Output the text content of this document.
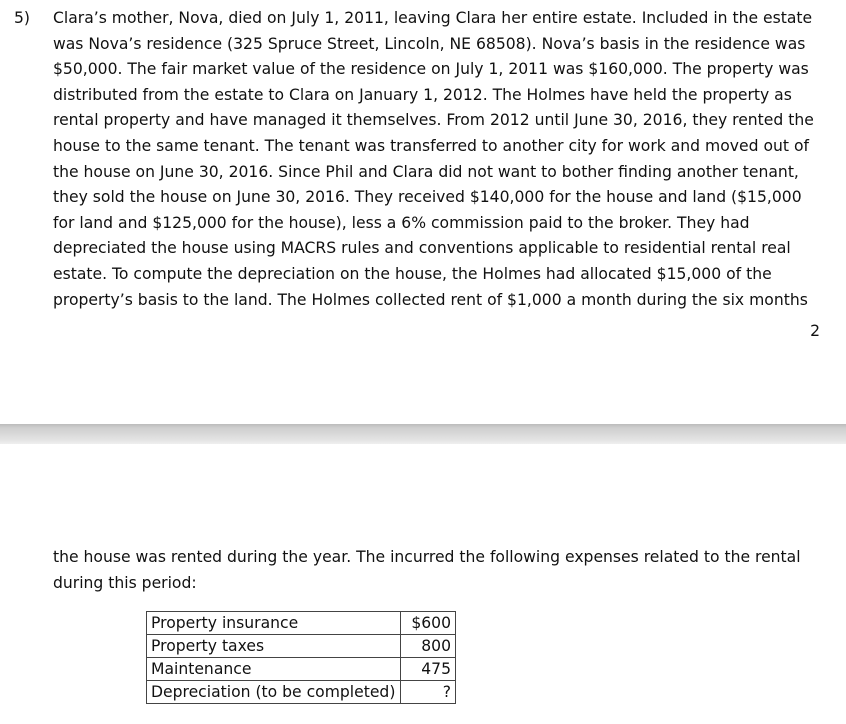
5) Clara’s mother, Nova, died on July 1, 2011, leaving Clara her entire estate. Included in the estate
was Nova’s residence (325 Spruce Street, Lincoln, NE 68508). Nova’s basis in the residence was
$50,000. The fair market value of the residence on July 1, 2011 was $160,000. The property was
distributed from the estate to Clara on January 1, 2012. The Holmes have held the property as
rental property and have managed it themselves. From 2012 until June 30, 2016, they rented the
house to the same tenant. The tenant was transferred to another city for work and moved out of
the house on June 30, 2016. Since Phil and Clara did not want to bother finding another tenant,
they sold the house on June 30, 2016. They received $140,000 for the house and land ($15,000
for land and $125,000 for the house), less a 6% commission paid to the broker. They had
depreciated the house using MACRS rules and conventions applicable to residential rental real
estate. To compute the depreciation on the house, the Holmes had allocated $15,000 of the
property’s basis to the land. The Holmes collected rent of $1,000 a month during the six months
2
the house was rented during the year. The incurred the following expenses related to the rental
during this period:
Property insurance	$600
Property taxes	800
Maintenance	475
Depreciation (to be completed)	?
